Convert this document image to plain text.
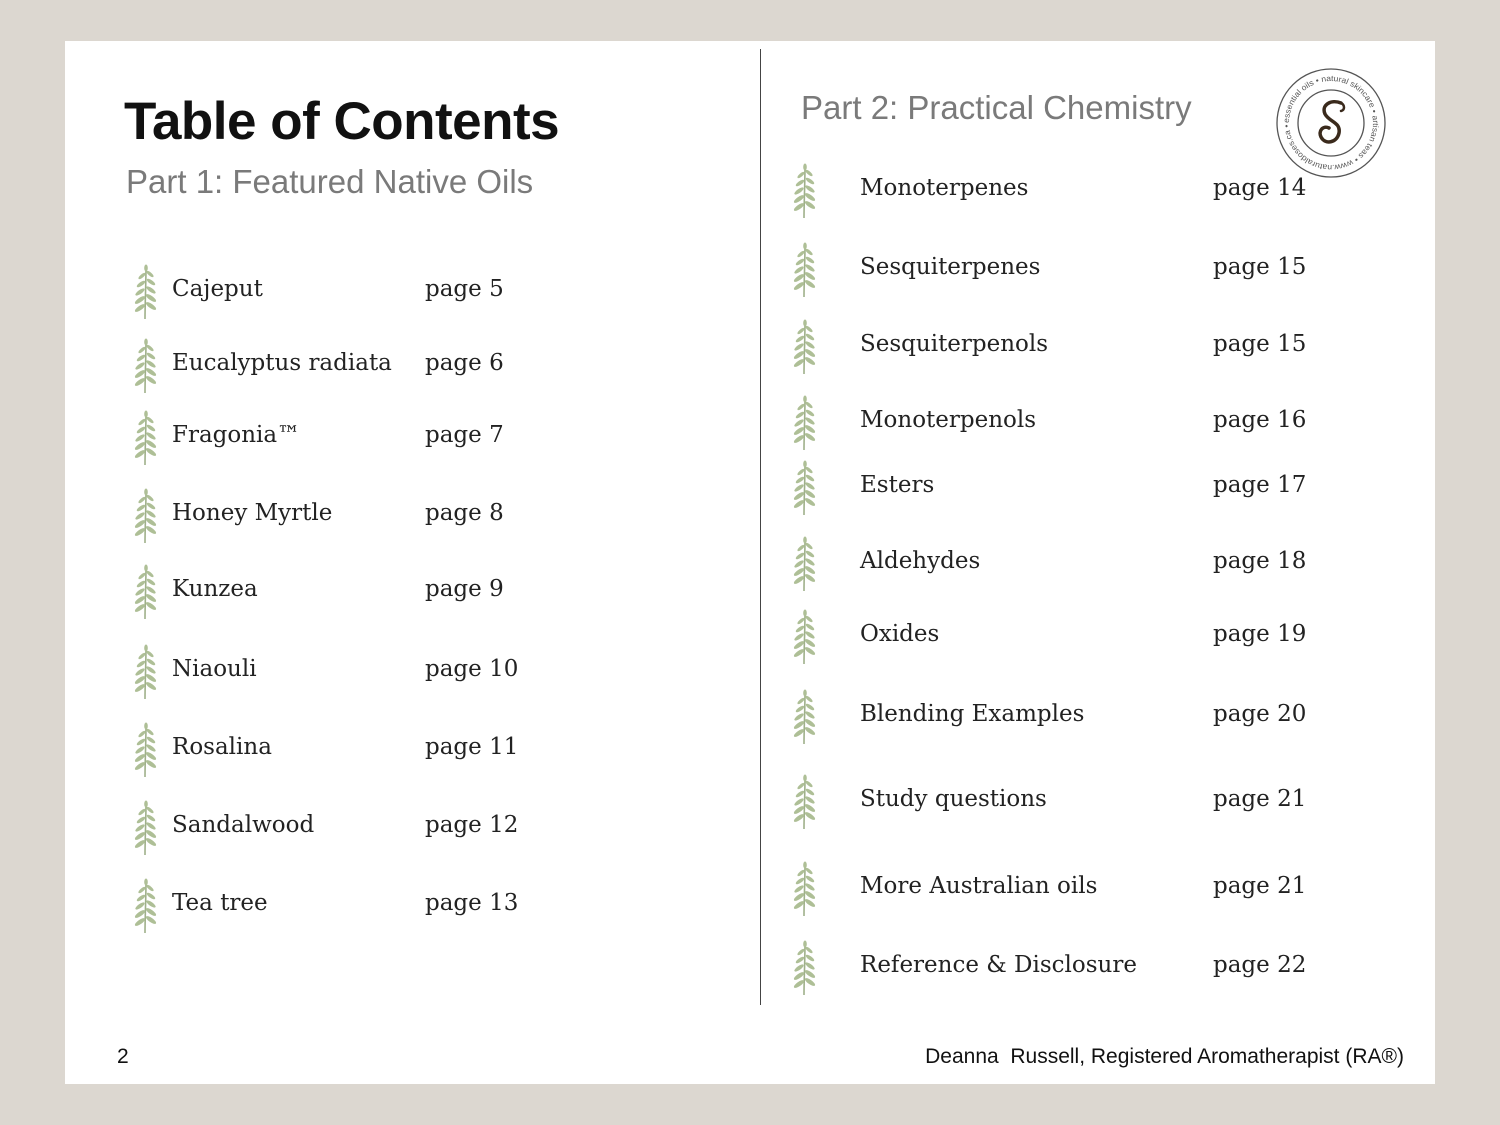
Table of Contents
Part 1: Featured Native Oils
Cajeput	page 5
Eucalyptus radiata page 6
Fragonia™	page 7
Honey Myrtle	page 8
Kunzea	page 9
Niaouli	page 10
Rosalina	page 11
Sandalwood	page 12
Tea tree	page 13
Part 2: Practical Chemistry	essential oils • natural skincare • artisan teas • www.naturaldoses.ca •
Monoterpenes	page 14
Sesquiterpenes	page 15
Sesquiterpenols	page 15
Monoterpenols	page 16
Esters	page 17
Aldehydes	page 18
Oxides	page 19
Blending Examples	page 20
Study questions	page 21
More Australian oils	page 21
Reference & Disclosure	page 22
2	Deanna  Russell, Registered Aromatherapist (RA®)
